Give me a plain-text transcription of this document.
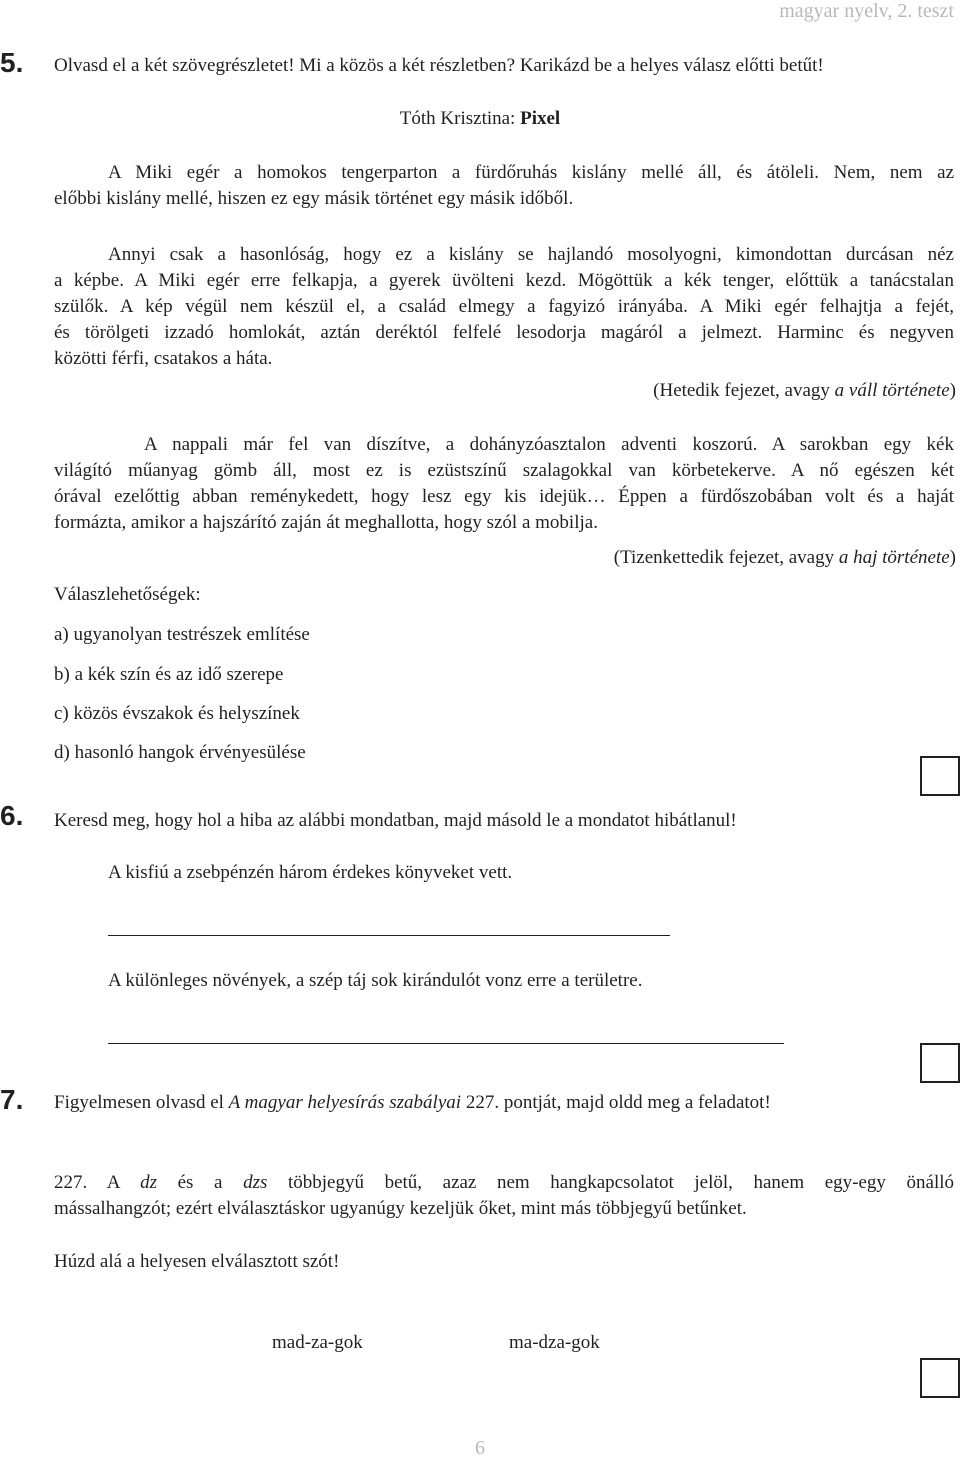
magyar nyelv, 2. teszt
5. Olvasd el a két szövegrészletet! Mi a közös a két részletben? Karikázd be a helyes válasz előtti betűt!
Tóth Krisztina: Pixel
A Miki egér a homokos tengerparton a fürdőruhás kislány mellé áll, és átöleli. Nem, nem az
előbbi kislány mellé, hiszen ez egy másik történet egy másik időből.
Annyi csak a hasonlóság, hogy ez a kislány se hajlandó mosolyogni, kimondottan durcásan néz
a képbe. A Miki egér erre felkapja, a gyerek üvölteni kezd. Mögöttük a kék tenger, előttük a tanácstalan
szülők. A kép végül nem készül el, a család elmegy a fagyizó irányába. A Miki egér felhajtja a fejét,
és törölgeti izzadó homlokát, aztán deréktól felfelé lesodorja magáról a jelmezt. Harminc és negyven
közötti férfi, csatakos a háta.
(Hetedik fejezet, avagy a váll története)
A nappali már fel van díszítve, a dohányzóasztalon adventi koszorú. A sarokban egy kék
világító műanyag gömb áll, most ez is ezüstszínű szalagokkal van körbetekerve. A nő egészen két
órával ezelőttig abban reménykedett, hogy lesz egy kis idejük… Éppen a fürdőszobában volt és a haját
formázta, amikor a hajszárító zaján át meghallotta, hogy szól a mobilja.
(Tizenkettedik fejezet, avagy a haj története)
Válaszlehetőségek:
a) ugyanolyan testrészek említése
b) a kék szín és az idő szerepe
c) közös évszakok és helyszínek
d) hasonló hangok érvényesülése
6. Keresd meg, hogy hol a hiba az alábbi mondatban, majd másold le a mondatot hibátlanul!
A kisfiú a zsebpénzén három érdekes könyveket vett.
A különleges növények, a szép táj sok kirándulót vonz erre a területre.
7. Figyelmesen olvasd el A magyar helyesírás szabályai 227. pontját, majd oldd meg a feladatot!
227. A dz és a dzs többjegyű betű, azaz nem hangkapcsolatot jelöl, hanem egy-egy önálló
mássalhangzót; ezért elválasztáskor ugyanúgy kezeljük őket, mint más többjegyű betűnket.
Húzd alá a helyesen elválasztott szót!
mad-za-gok	ma-dza-gok
6
